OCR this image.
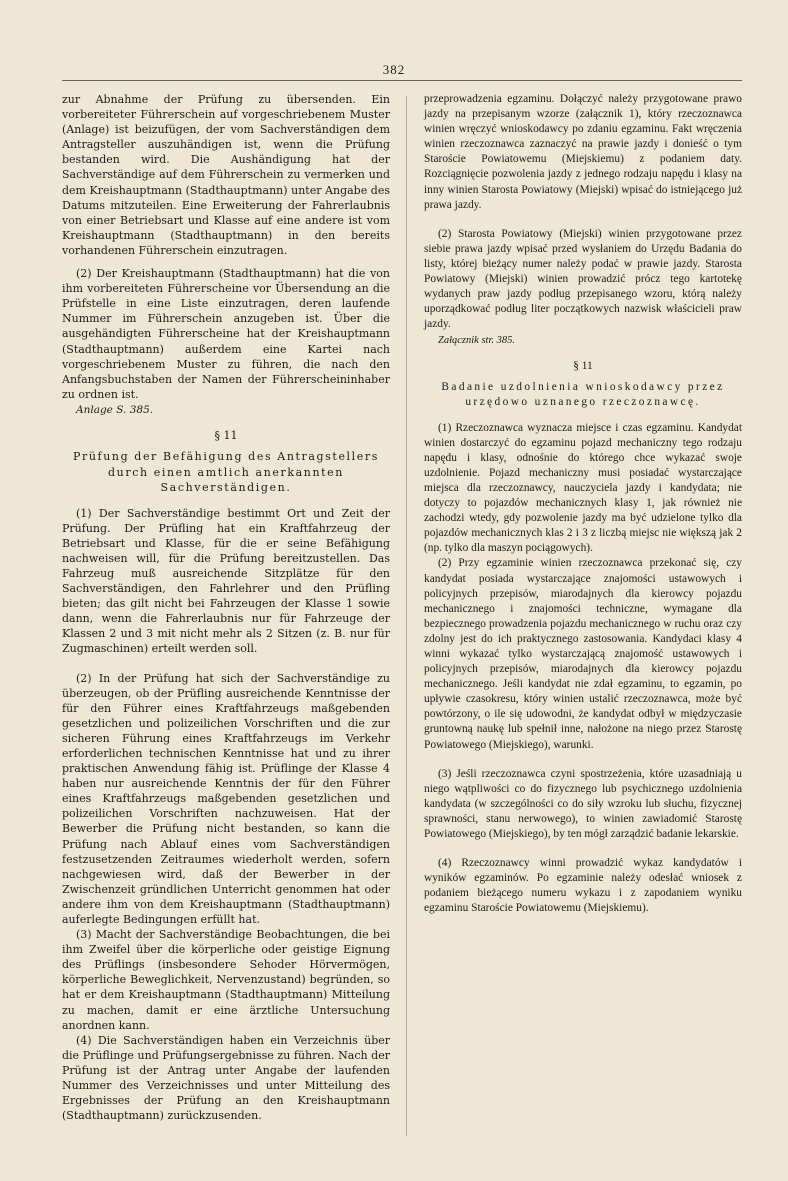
382

zur Abnahme der Prüfung zu übersenden. Ein vorbereiteter Führerschein auf vorgeschriebenem Muster (Anlage) ist beizufügen, der vom Sachverständigen dem Antragsteller auszuhändigen ist, wenn die Prüfung bestanden wird. Die Aushändigung hat der Sachverständige auf dem Führerschein zu vermerken und dem Kreishauptmann (Stadthauptmann) unter Angabe des Datums mitzuteilen. Eine Erweiterung der Fahrerlaubnis von einer Betriebsart und Klasse auf eine andere ist vom Kreishauptmann (Stadthauptmann) in den bereits vorhandenen Führerschein einzutragen.

(2) Der Kreishauptmann (Stadthauptmann) hat die von ihm vorbereiteten Führerscheine vor Übersendung an die Prüfstelle in eine Liste einzutragen, deren laufende Nummer im Führerschein anzugeben ist. Über die ausgehändigten Führerscheine hat der Kreishauptmann (Stadthauptmann) außerdem eine Kartei nach vorgeschriebenem Muster zu führen, die nach den Anfangsbuchstaben der Namen der Führerscheininhaber zu ordnen ist.

Anlage S. 385.
§ 11
Prüfung der Befähigung des Antragstellers durch einen amtlich anerkannten Sachverständigen.

(1) Der Sachverständige bestimmt Ort und Zeit der Prüfung. Der Prüfling hat ein Kraftfahrzeug der Betriebsart und Klasse, für die er seine Befähigung nachweisen will, für die Prüfung bereitzustellen. Das Fahrzeug muß ausreichende Sitzplätze für den Sachverständigen, den Fahrlehrer und den Prüfling bieten; das gilt nicht bei Fahrzeugen der Klasse 1 sowie dann, wenn die Fahrerlaubnis nur für Fahrzeuge der Klassen 2 und 3 mit nicht mehr als 2 Sitzen (z. B. nur für Zugmaschinen) erteilt werden soll.

(2) In der Prüfung hat sich der Sachverständige zu überzeugen, ob der Prüfling ausreichende Kenntnisse der für den Führer eines Kraftfahrzeugs maßgebenden gesetzlichen und polizeilichen Vorschriften und die zur sicheren Führung eines Kraftfahrzeugs im Verkehr erforderlichen technischen Kenntnisse hat und zu ihrer praktischen Anwendung fähig ist. Prüflinge der Klasse 4 haben nur ausreichende Kenntnis der für den Führer eines Kraftfahrzeugs maßgebenden gesetzlichen und polizeilichen Vorschriften nachzuweisen. Hat der Bewerber die Prüfung nicht bestanden, so kann die Prüfung nach Ablauf eines vom Sachverständigen festzusetzenden Zeitraumes wiederholt werden, sofern nachgewiesen wird, daß der Bewerber in der Zwischenzeit gründlichen Unterricht genommen hat oder andere ihm von dem Kreishauptmann (Stadthauptmann) auferlegte Bedingungen erfüllt hat.

(3) Macht der Sachverständige Beobachtungen, die bei ihm Zweifel über die körperliche oder geistige Eignung des Prüflings (insbesondere Sehoder Hörvermögen, körperliche Beweglichkeit, Nervenzustand) begründen, so hat er dem Kreishauptmann (Stadthauptmann) Mitteilung zu machen, damit er eine ärztliche Untersuchung anordnen kann.

(4) Die Sachverständigen haben ein Verzeichnis über die Prüflinge und Prüfungsergebnisse zu führen. Nach der Prüfung ist der Antrag unter Angabe der laufenden Nummer des Verzeichnisses und unter Mitteilung des Ergebnisses der Prüfung an den Kreishauptmann (Stadthauptmann) zurückzusenden.

przeprowadzenia egzaminu. Dołączyć należy przygotowane prawo jazdy na przepisanym wzorze (załącznik 1), który rzeczoznawca winien wręczyć wnioskodawcy po zdaniu egzaminu. Fakt wręczenia winien rzeczoznawca zaznaczyć na prawie jazdy i donieść o tym Staroście Powiatowemu (Miejskiemu) z podaniem daty. Rozciągnięcie pozwolenia jazdy z jednego rodzaju napędu i klasy na inny winien Starosta Powiatowy (Miejski) wpisać do istniejącego już prawa jazdy.

(2) Starosta Powiatowy (Miejski) winien przygotowane przez siebie prawa jazdy wpisać przed wysłaniem do Urzędu Badania do listy, której bieżący numer należy podać w prawie jazdy. Starosta Powiatowy (Miejski) winien prowadzić prócz tego kartotekę wydanych praw jazdy podług przepisanego wzoru, którą należy uporządkować podług liter początkowych nazwisk właścicieli praw jazdy.

Załącznik str. 385.
§ 11
Badanie uzdolnienia wnioskodawcy przez urzędowo uznanego rzeczoznawcę.

(1) Rzeczoznawca wyznacza miejsce i czas egzaminu. Kandydat winien dostarczyć do egzaminu pojazd mechaniczny tego rodzaju napędu i klasy, odnośnie do którego chce wykazać swoje uzdolnienie. Pojazd mechaniczny musi posiadać wystarczające miejsca dla rzeczoznawcy, nauczyciela jazdy i kandydata; nie dotyczy to pojazdów mechanicznych klasy 1, jak również nie zachodzi wtedy, gdy pozwolenie jazdy ma być udzielone tylko dla pojazdów mechanicznych klas 2 i 3 z liczbą miejsc nie większą jak 2 (np. tylko dla maszyn pociągowych).

(2) Przy egzaminie winien rzeczoznawca przekonać się, czy kandydat posiada wystarczające znajomości ustawowych i policyjnych przepisów, miarodajnych dla kierowcy pojazdu mechanicznego i znajomości techniczne, wymagane dla bezpiecznego prowadzenia pojazdu mechanicznego w ruchu oraz czy zdolny jest do ich praktycznego zastosowania. Kandydaci klasy 4 winni wykazać tylko wystarczającą znajomość ustawowych i policyjnych przepisów, miarodajnych dla kierowcy pojazdu mechanicznego. Jeśli kandydat nie zdał egzaminu, to egzamin, po upływie czasokresu, który winien ustalić rzeczoznawca, może być powtórzony, o ile się udowodni, że kandydat odbył w międzyczasie gruntowną naukę lub spełnił inne, nałożone na niego przez Starostę Powiatowego (Miejskiego), warunki.

(3) Jeśli rzeczoznawca czyni spostrzeżenia, które uzasadniają u niego wątpliwości co do fizycznego lub psychicznego uzdolnienia kandydata (w szczególności co do siły wzroku lub słuchu, fizycznej sprawności, stanu nerwowego), to winien zawiadomić Starostę Powiatowego (Miejskiego), by ten mógł zarządzić badanie lekarskie.

(4) Rzeczoznawcy winni prowadzić wykaz kandydatów i wyników egzaminów. Po egzaminie należy odesłać wniosek z podaniem bieżącego numeru wykazu i z zapodaniem wyniku egzaminu Staroście Powiatowemu (Miejskiemu).
